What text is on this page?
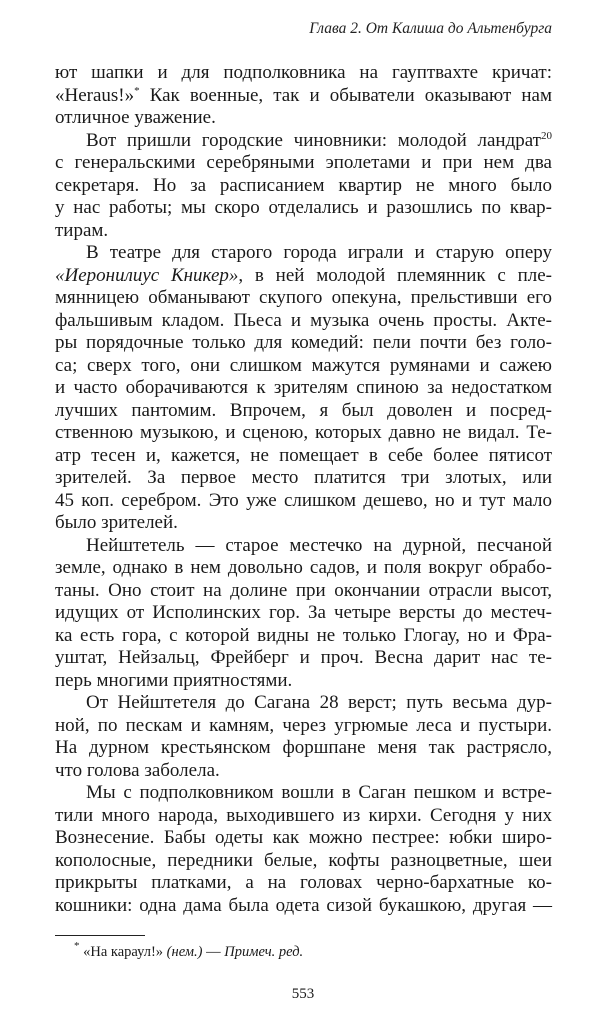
Глава 2. От Калиша до Альтенбурга
ют шапки и для подполковника на гауптвахте кричат:
«Heraus!»* Как военные, так и обыватели оказывают нам
отличное уважение.
Вот пришли городские чиновники: молодой ландрат$^{20}$
с генеральскими серебряными эполетами и при нем два
секретаря. Но за расписанием квартир не много было
у нас работы; мы скоро отделались и разошлись по квар-
тирам.
В театре для старого города играли и старую оперу
«Иеронилиус Кникер», в ней молодой племянник с пле-
мянницею обманывают скупого опекуна, прельстивши его
фальшивым кладом. Пьеса и музыка очень просты. Акте-
ры порядочные только для комедий: пели почти без голо-
са; сверх того, они слишком мажутся румянами и сажею
и часто оборачиваются к зрителям спиною за недостатком
лучших пантомим. Впрочем, я был доволен и посред-
ственною музыкою, и сценою, которых давно не видал. Те-
атр тесен и, кажется, не помещает в себе более пятисот
зрителей. За первое место платится три злотых, или
45 коп. серебром. Это уже слишком дешево, но и тут мало
было зрителей.
Нейштетель — старое местечко на дурной, песчаной
земле, однако в нем довольно садов, и поля вокруг обрабо-
таны. Оно стоит на долине при окончании отрасли высот,
идущих от Исполинских гор. За четыре версты до местеч-
ка есть гора, с которой видны не только Глогау, но и Фра-
уштат, Нейзальц, Фрейберг и проч. Весна дарит нас те-
перь многими приятностями.
От Нейштетеля до Сагана 28 верст; путь весьма дур-
ной, по пескам и камням, через угрюмые леса и пустыри.
На дурном крестьянском форшпане меня так растрясло,
что голова заболела.
Мы с подполковником вошли в Саган пешком и встре-
тили много народа, выходившего из кирхи. Сегодня у них
Вознесение. Бабы одеты как можно пестрее: юбки широ-
кополосные, передники белые, кофты разноцветные, шеи
прикрыты платками, а на головах черно-бархатные ко-
кошники: одна дама была одета сизой букашкою, другая —
* «На караул!» (нем.) — Примеч. ред.
553
